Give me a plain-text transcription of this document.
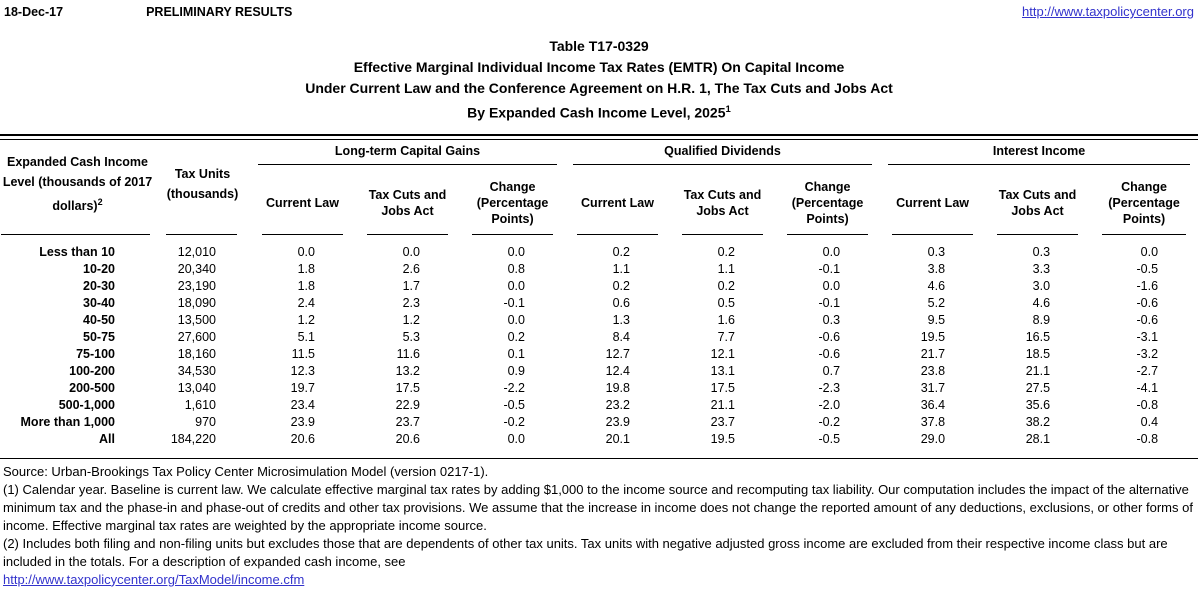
18-Dec-17	PRELIMINARY RESULTS	http://www.taxpolicycenter.org
Table T17-0329
Effective Marginal Individual Income Tax Rates (EMTR) On Capital Income
Under Current Law and the Conference Agreement on H.R. 1, The Tax Cuts and Jobs Act
By Expanded Cash Income Level, 2025$^1$
Expanded Cash Income Level (thousands of 2017 dollars)$^2$	Tax Units (thousands)	Long-term Capital Gains			Qualified Dividends			Interest Income		

		Current Law	Tax Cuts and Jobs Act	Change (Percentage Points)	Current Law	Tax Cuts and Jobs Act	Change (Percentage Points)	Current Law	Tax Cuts and Jobs Act	Change (Percentage Points)

Less than 10	12,010	0.0	0.0	0.0	0.2	0.2	0.0	0.3	0.3	0.0
10-20	20,340	1.8	2.6	0.8	1.1	1.1	-0.1	3.8	3.3	-0.5
20-30	23,190	1.8	1.7	0.0	0.2	0.2	0.0	4.6	3.0	-1.6
30-40	18,090	2.4	2.3	-0.1	0.6	0.5	-0.1	5.2	4.6	-0.6
40-50	13,500	1.2	1.2	0.0	1.3	1.6	0.3	9.5	8.9	-0.6
50-75	27,600	5.1	5.3	0.2	8.4	7.7	-0.6	19.5	16.5	-3.1
75-100	18,160	11.5	11.6	0.1	12.7	12.1	-0.6	21.7	18.5	-3.2
100-200	34,530	12.3	13.2	0.9	12.4	13.1	0.7	23.8	21.1	-2.7
200-500	13,040	19.7	17.5	-2.2	19.8	17.5	-2.3	31.7	27.5	-4.1
500-1,000	1,610	23.4	22.9	-0.5	23.2	21.1	-2.0	36.4	35.6	-0.8
More than 1,000	970	23.9	23.7	-0.2	23.9	23.7	-0.2	37.8	38.2	0.4
All	184,220	20.6	20.6	0.0	20.1	19.5	-0.5	29.0	28.1	-0.8
Source: Urban-Brookings Tax Policy Center Microsimulation Model (version 0217-1).
(1) Calendar year. Baseline is current law. We calculate effective marginal tax rates by adding $1,000 to the income source and recomputing tax liability. Our computation includes the impact of the alternative minimum tax and the phase-in and phase-out of credits and other tax provisions. We assume that the increase in income does not change the reported amount of any deductions, exclusions, or other forms of income. Effective marginal tax rates are weighted by the appropriate income source.
(2) Includes both filing and non-filing units but excludes those that are dependents of other tax units. Tax units with negative adjusted gross income are excluded from their respective income class but are included in the totals. For a description of expanded cash income, see
http://www.taxpolicycenter.org/TaxModel/income.cfm
